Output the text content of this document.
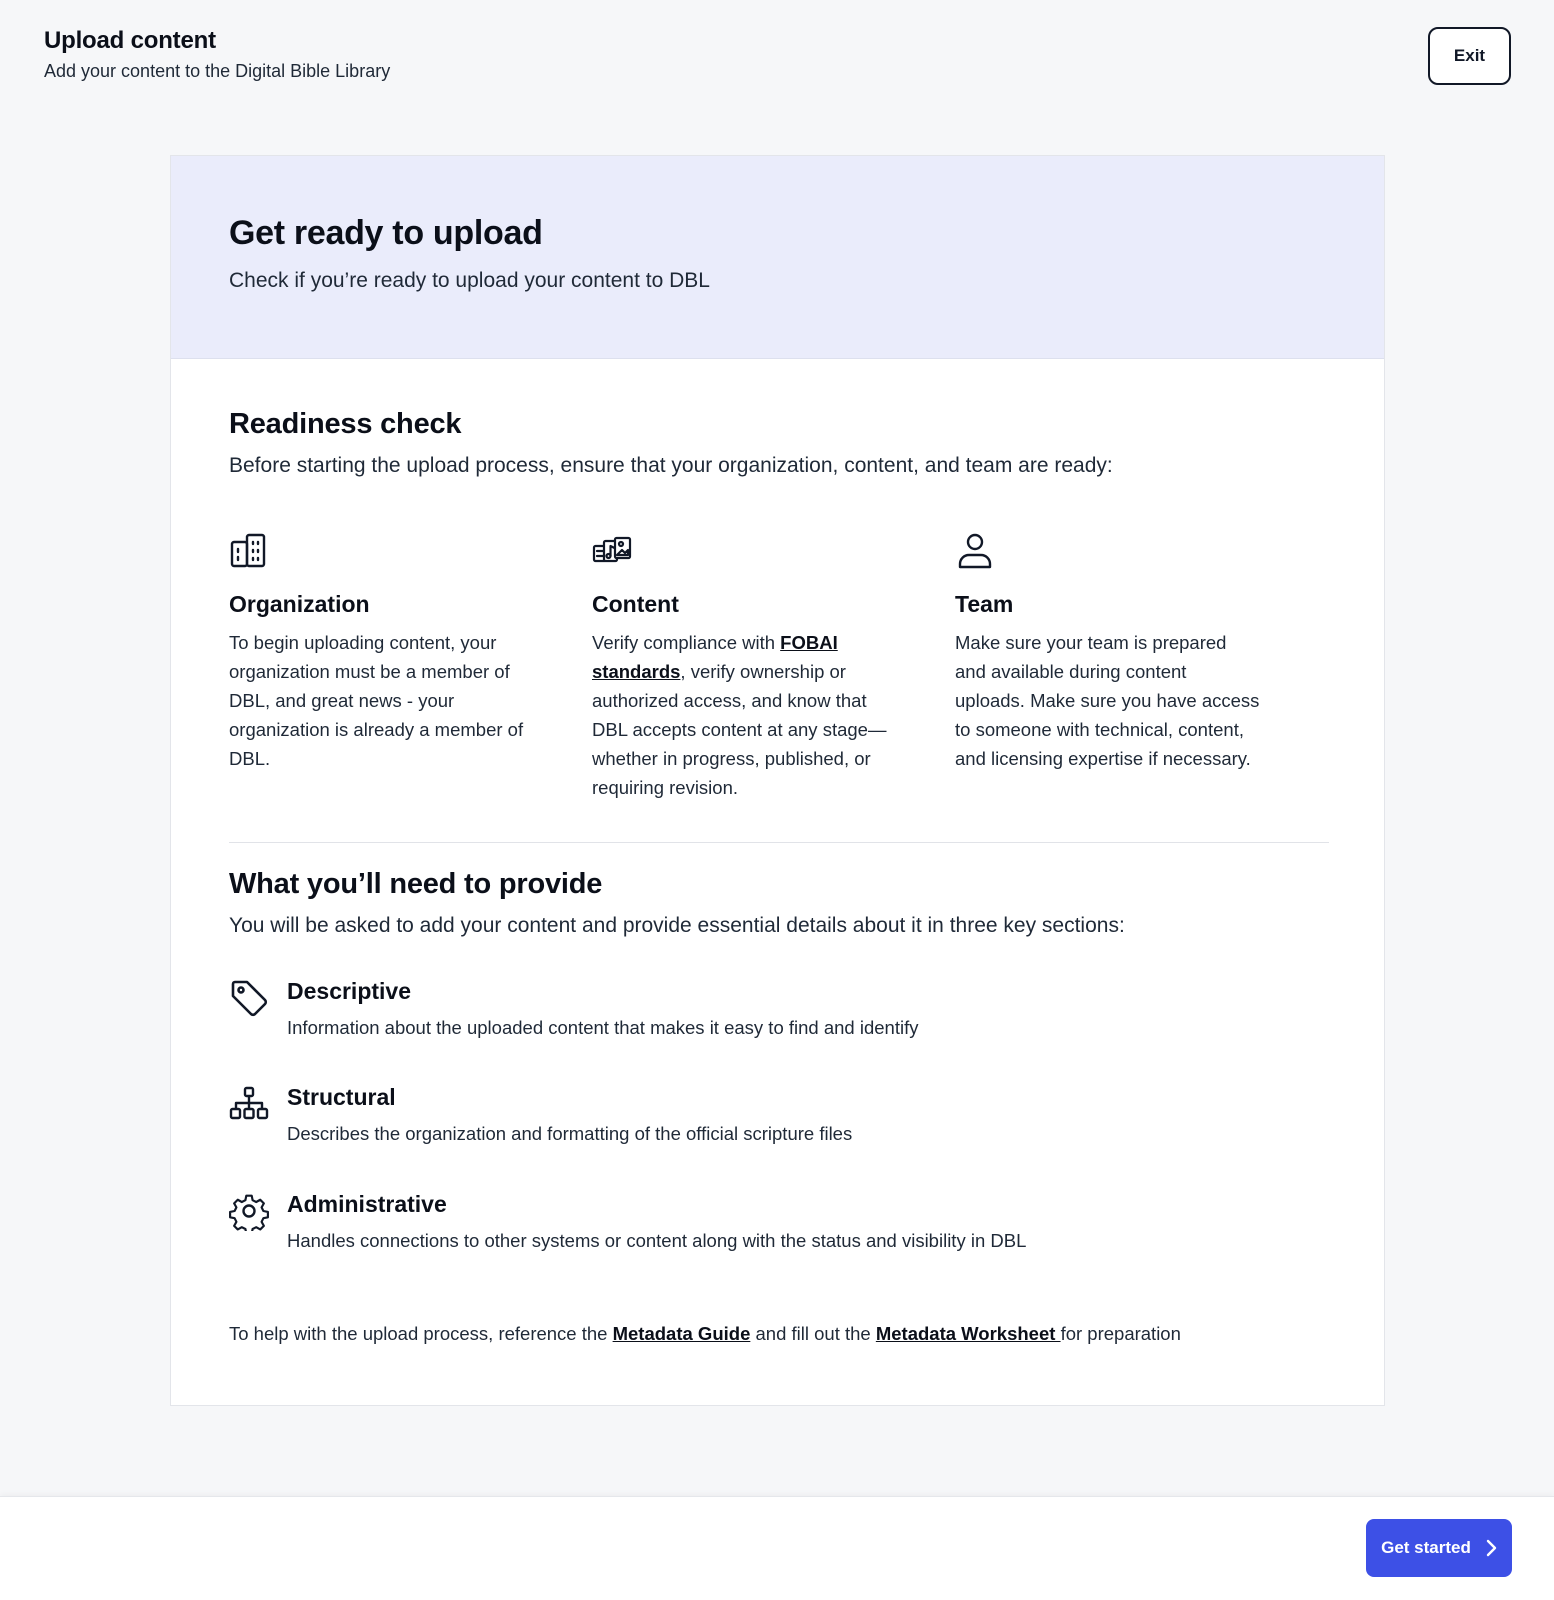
Upload content
Add your content to the Digital Bible Library
Exit
Get ready to upload
Check if you’re ready to upload your content to DBL
Readiness check
Before starting the upload process, ensure that your organization, content, and team are ready:
Organization
To begin uploading content, your organization must be a member of DBL, and great news - your organization is already a member of DBL.
Content
Verify compliance with FOBAI standards, verify ownership or authorized access, and know that DBL accepts content at any stage—whether in progress, published, or requiring revision.
Team
Make sure your team is prepared and available during content uploads. Make sure you have access to someone with technical, content, and licensing expertise if necessary.
What you’ll need to provide
You will be asked to add your content and provide essential details about it in three key sections:
Descriptive
Information about the uploaded content that makes it easy to find and identify
Structural
Describes the organization and formatting of the official scripture files
Administrative
Handles connections to other systems or content along with the status and visibility in DBL
To help with the upload process, reference the Metadata Guide and fill out the Metadata Worksheet for preparation
Get started
